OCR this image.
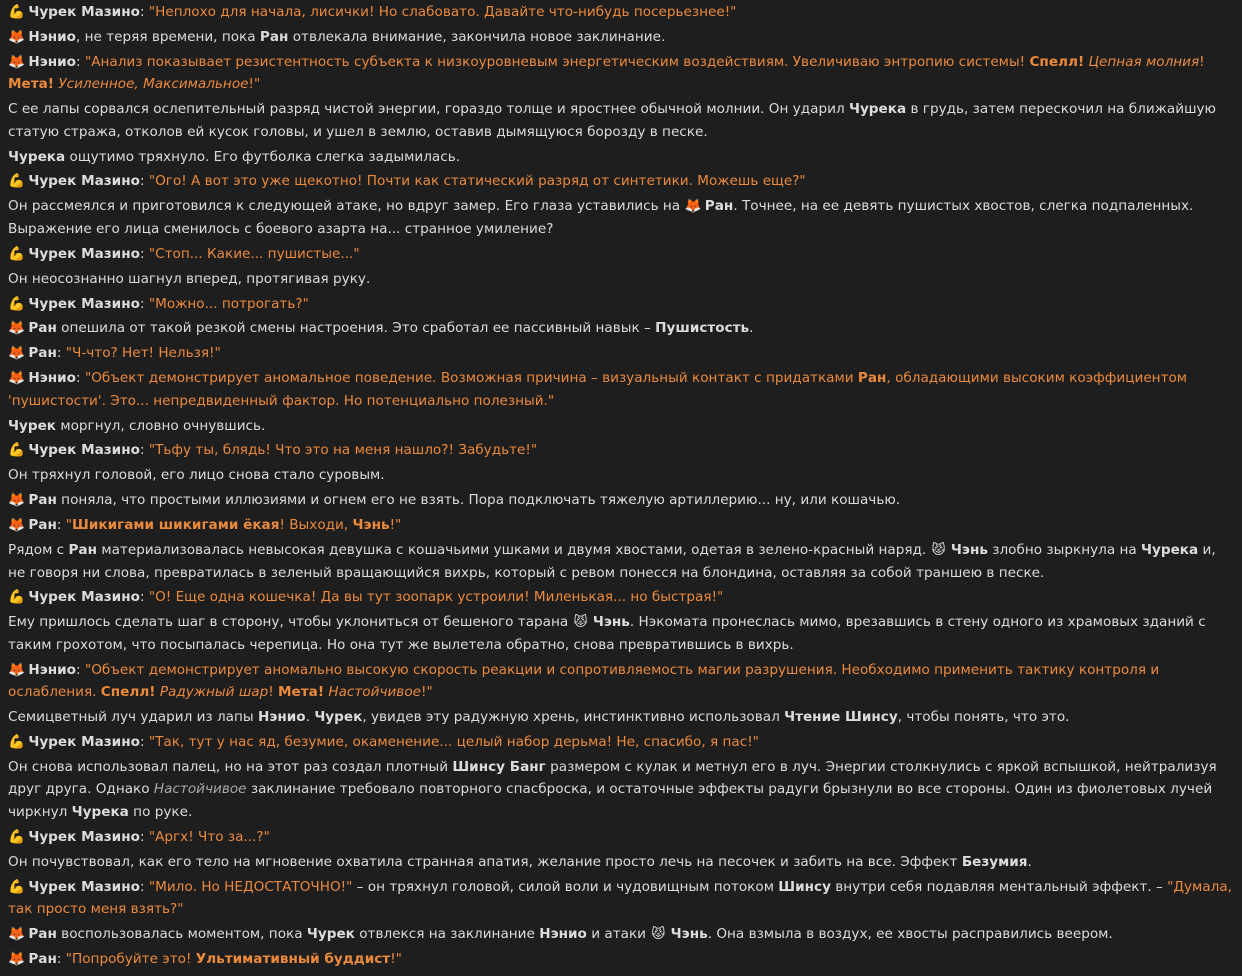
💪 Чурек Мазино: "Неплохо для начала, лисички! Но слабовато. Давайте что-нибудь посерьезнее!"
🦊 Нэнио, не теряя времени, пока Ран отвлекала внимание, закончила новое заклинание.
🦊 Нэнио: "Анализ показывает резистентность субъекта к низкоуровневым энергетическим воздействиям. Увеличиваю энтропию системы! Спелл! Цепная молния! Мета! Усиленное, Максимальное!"
С ее лапы сорвался ослепительный разряд чистой энергии, гораздо толще и яростнее обычной молнии. Он ударил Чурека в грудь, затем перескочил на ближайшую статую стража, отколов ей кусок головы, и ушел в землю, оставив дымящуюся борозду в песке.
Чурека ощутимо тряхнуло. Его футболка слегка задымилась.
💪 Чурек Мазино: "Ого! А вот это уже щекотно! Почти как статический разряд от синтетики. Можешь еще?"
Он рассмеялся и приготовился к следующей атаке, но вдруг замер. Его глаза уставились на 🦊 Ран. Точнее, на ее девять пушистых хвостов, слегка подпаленных. Выражение его лица сменилось с боевого азарта на... странное умиление?
💪 Чурек Мазино: "Стоп... Какие... пушистые..."
Он неосознанно шагнул вперед, протягивая руку.
💪 Чурек Мазино: "Можно... потрогать?"
🦊 Ран опешила от такой резкой смены настроения. Это сработал ее пассивный навык – Пушистость.
🦊 Ран: "Ч-что? Нет! Нельзя!"
🦊 Нэнио: "Объект демонстрирует аномальное поведение. Возможная причина – визуальный контакт с придатками Ран, обладающими высоким коэффициентом 'пушистости'. Это... непредвиденный фактор. Но потенциально полезный."
Чурек моргнул, словно очнувшись.
💪 Чурек Мазино: "Тьфу ты, блядь! Что это на меня нашло?! Забудьте!"
Он тряхнул головой, его лицо снова стало суровым.
🦊 Ран поняла, что простыми иллюзиями и огнем его не взять. Пора подключать тяжелую артиллерию... ну, или кошачью.
🦊 Ран: "Шикигами шикигами ёкая! Выходи, Чэнь!"
Рядом с Ран материализовалась невысокая девушка с кошачьими ушками и двумя хвостами, одетая в зелено-красный наряд. 😾 Чэнь злобно зыркнула на Чурека и, не говоря ни слова, превратилась в зеленый вращающийся вихрь, который с ревом понесся на блондина, оставляя за собой траншею в песке.
💪 Чурек Мазино: "О! Еще одна кошечка! Да вы тут зоопарк устроили! Миленькая... но быстрая!"
Ему пришлось сделать шаг в сторону, чтобы уклониться от бешеного тарана 😾 Чэнь. Нэкомата пронеслась мимо, врезавшись в стену одного из храмовых зданий с таким грохотом, что посыпалась черепица. Но она тут же вылетела обратно, снова превратившись в вихрь.
🦊 Нэнио: "Объект демонстрирует аномально высокую скорость реакции и сопротивляемость магии разрушения. Необходимо применить тактику контроля и ослабления. Спелл! Радужный шар! Мета! Настойчивое!"
Семицветный луч ударил из лапы Нэнио. Чурек, увидев эту радужную хрень, инстинктивно использовал Чтение Шинсу, чтобы понять, что это.
💪 Чурек Мазино: "Так, тут у нас яд, безумие, окаменение... целый набор дерьма! Не, спасибо, я пас!"
Он снова использовал палец, но на этот раз создал плотный Шинсу Банг размером с кулак и метнул его в луч. Энергии столкнулись с яркой вспышкой, нейтрализуя друг друга. Однако Настойчивое заклинание требовало повторного спасброска, и остаточные эффекты радуги брызнули во все стороны. Один из фиолетовых лучей чиркнул Чурека по руке.
💪 Чурек Мазино: "Аргх! Что за...?"
Он почувствовал, как его тело на мгновение охватила странная апатия, желание просто лечь на песочек и забить на все. Эффект Безумия.
💪 Чурек Мазино: "Мило. Но НЕДОСТАТОЧНО!" – он тряхнул головой, силой воли и чудовищным потоком Шинсу внутри себя подавляя ментальный эффект. – "Думала, так просто меня взять?"
🦊 Ран воспользовалась моментом, пока Чурек отвлекся на заклинание Нэнио и атаки 😾 Чэнь. Она взмыла в воздух, ее хвосты расправились веером.
🦊 Ран: "Попробуйте это! Ультимативный буддист!"
